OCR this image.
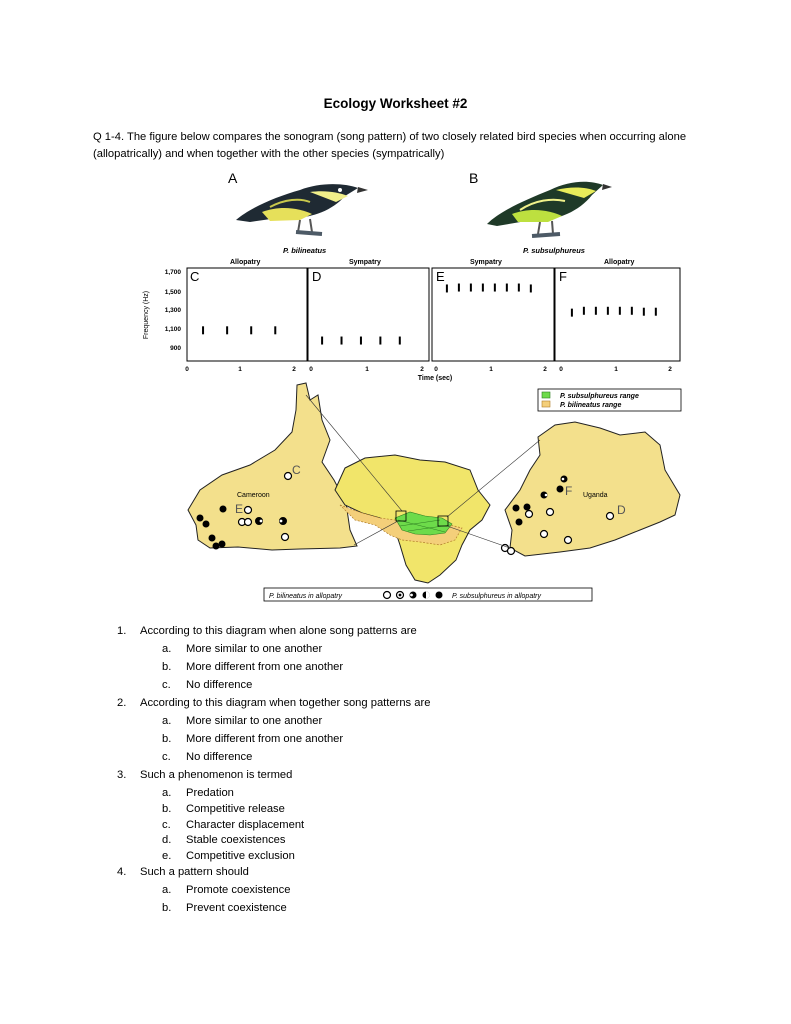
Ecology Worksheet #2
Q 1-4. The figure below compares the sonogram (song pattern) of two closely related bird species when occurring alone (allopatrically) and when together with the other species (sympatrically)
A	B
P. bilineatus	P. subsulphureus
Allopatry	Sympatry	Sympatry	Allopatry
C	D	E	F
Frequency (Hz)
1,700
1,500
1,300
1,100
900
0	1	2 0	1	2 0	1	2 0	1	2
Time (sec)
P. subsulphureus range
P. bilineatus range
Cameroon
C
E
Uganda
F
D
P. bilineatus in allopatry	P. subsulphureus in allopatry
1. According to this diagram when alone song patterns are
a. More similar to one another
b. More different from one another
c. No difference
2. According to this diagram when together song patterns are
a. More similar to one another
b. More different from one another
c. No difference
3. Such a phenomenon is termed
a. Predation
b. Competitive release
c. Character displacement
d. Stable coexistences
e. Competitive exclusion
4. Such a pattern should
a. Promote coexistence
b. Prevent coexistence
